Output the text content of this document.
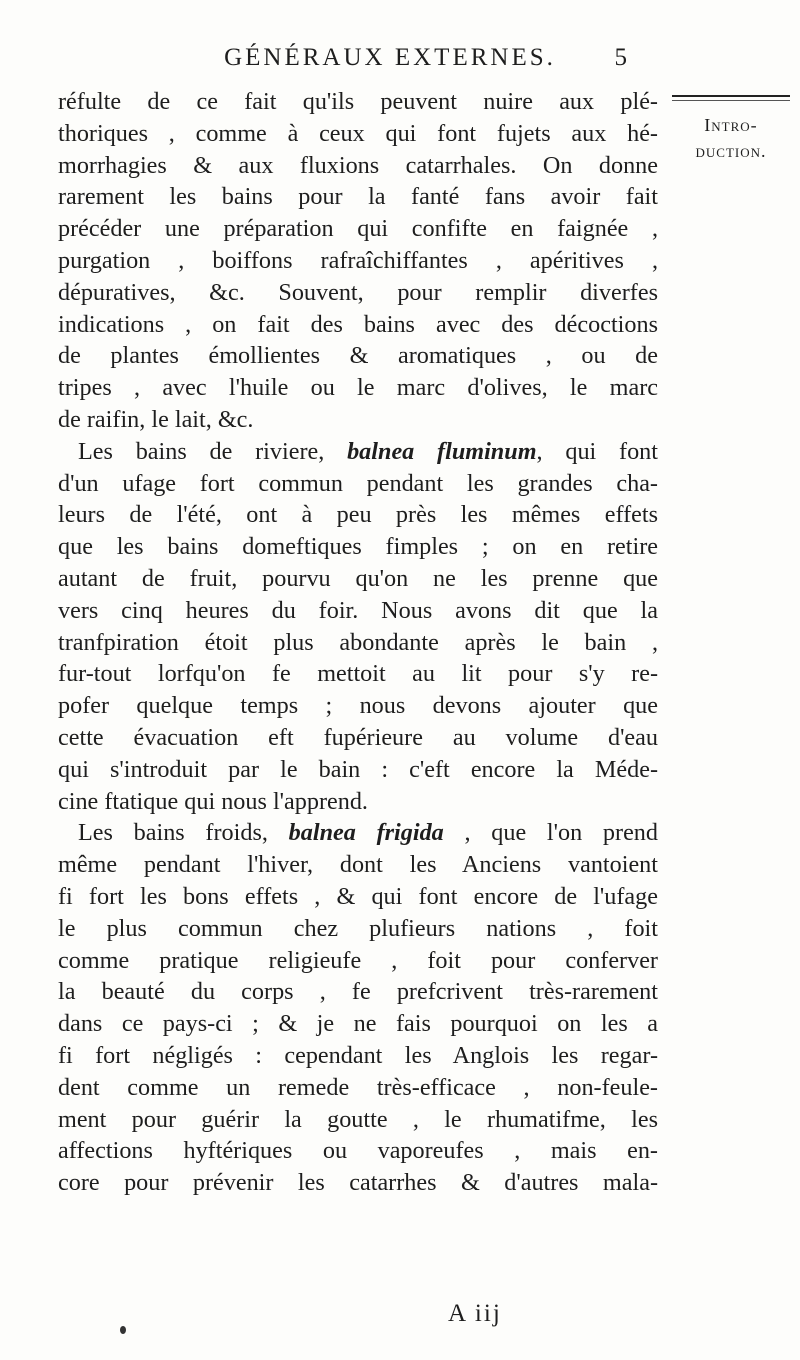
GÉNÉRAUX EXTERNES. 5
Intro-
duction.
réfulte de ce fait qu'ils peuvent nuire aux plé-
thoriques , comme à ceux qui font fujets aux hé-
morrhagies & aux fluxions catarrhales. On donne
rarement les bains pour la fanté fans avoir fait
précéder une préparation qui confifte en faignée ,
purgation , boiffons rafraîchiffantes , apéritives ,
dépuratives, &c. Souvent, pour remplir diverfes
indications , on fait des bains avec des décoctions
de plantes émollientes & aromatiques , ou de
tripes , avec l'huile ou le marc d'olives, le marc
de raifin, le lait, &c.
Les bains de riviere, balnea fluminum, qui font
d'un ufage fort commun pendant les grandes cha-
leurs de l'été, ont à peu près les mêmes effets
que les bains domeftiques fimples ; on en retire
autant de fruit, pourvu qu'on ne les prenne que
vers cinq heures du foir. Nous avons dit que la
tranfpiration étoit plus abondante après le bain ,
fur-tout lorfqu'on fe mettoit au lit pour s'y re-
pofer quelque temps ; nous devons ajouter que
cette évacuation eft fupérieure au volume d'eau
qui s'introduit par le bain : c'eft encore la Méde-
cine ftatique qui nous l'apprend.
Les bains froids, balnea frigida , que l'on prend
même pendant l'hiver, dont les Anciens vantoient
fi fort les bons effets , & qui font encore de l'ufage
le plus commun chez plufieurs nations , foit
comme pratique religieufe , foit pour conferver
la beauté du corps , fe prefcrivent très-rarement
dans ce pays-ci ; & je ne fais pourquoi on les a
fi fort négligés : cependant les Anglois les regar-
dent comme un remede très-efficace , non-feule-
ment pour guérir la goutte , le rhumatifme, les
affections hyftériques ou vaporeufes , mais en-
core pour prévenir les catarrhes & d'autres mala-
A iij
